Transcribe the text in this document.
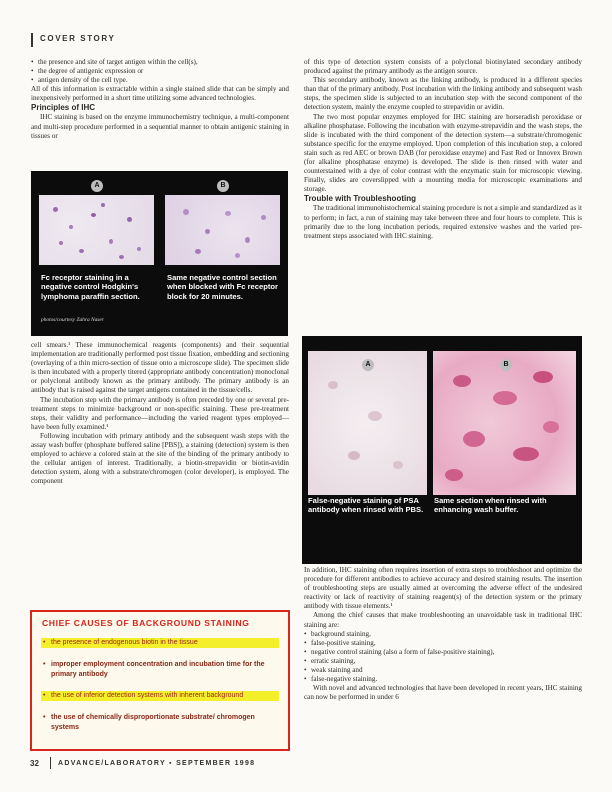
COVER STORY
• the presence and site of target antigen within the cell(s),
• the degree of antigenic expression or
• antigen density of the cell type.

All of this information is extractable within a single stained slide that can be simply and inexpensively performed in a short time utilizing some advanced technologies.

Principles of IHC

IHC staining is based on the enzyme immunochemistry technique, a multi-component and multi-step procedure performed in a sequential manner to obtain antigenic staining in tissues or

A	B
Fc receptor staining in a negative control Hodgkin's lymphoma paraffin section.
Same negative control section when blocked with Fc receptor block for 20 minutes.
photos/courtesy Zahra Naser

cell smears.¹ These immunochemical reagents (components) and their sequential implementation are traditionally performed post tissue fixation, embedding and sectioning (overlaying of a thin micro-section of tissue onto a microscope slide). The specimen slide is then incubated with a properly titered (appropriate antibody concentration) monoclonal or polyclonal antibody known as the primary antibody. The primary antibody is an antibody that is raised against the target antigens contained in the tissue/cells.

The incubation step with the primary antibody is often preceded by one or several pre-treatment steps to minimize background or non-specific staining. These pre-treatment steps, their validity and performance—including the varied reagent types employed—have been fully examined.¹

Following incubation with primary antibody and the subsequent wash steps with the assay wash buffer (phosphate buffered saline [PBS]), a staining (detection) system is then employed to achieve a colored stain at the site of the binding of the primary antibody to the cellular antigen of interest. Traditionally, a biotin-strepavidin or biotin-avidin detection system, along with a substrate/chromogen (color developer), is employed. The component

CHIEF CAUSES OF BACKGROUND STAINING
• the presence of endogenous biotin in the tissue
• improper employment concentration and incubation time for the primary antibody
• the use of inferior detection systems with inherent background
• the use of chemically disproportionate substrate/ chromogen systems

of this type of detection system consists of a polyclonal biotinylated secondary antibody produced against the primary antibody as the antigen source.

This secondary antibody, known as the linking antibody, is produced in a different species than that of the primary antibody. Post incubation with the linking antibody and subsequent wash steps, the specimen slide is subjected to an incubation step with the second component of the detection system, mainly the enzyme coupled to strepavidin or avidin.

The two most popular enzymes employed for IHC staining are horseradish peroxidase or alkaline phosphatase. Following the incubation with enzyme-strepavidin and the wash steps, the slide is incubated with the third component of the detection system—a substrate/chromogenic substance specific for the enzyme employed. Upon completion of this incubation step, a colored stain such as red AEC or brown DAB (for peroxidase enzyme) and Fast Red or Innovex Brown (for alkaline phosphatase enzyme) is developed. The slide is then rinsed with water and counterstained with a dye of color contrast with the enzymatic stain for microscopic viewing. Finally, slides are coverslipped with a mounting media for microscopic examinations and storage.

Trouble with Troubleshooting

The traditional immunohistochemical staining procedure is not a simple and standardized as it to perform; in fact, a run of staining may take between three and four hours to complete. This is primarily due to the long incubation periods, required extensive washes and the varied pre-treatment steps associated with IHC staining.

A	B
False-negative staining of PSA antibody when rinsed with PBS.
Same section when rinsed with enhancing wash buffer.

In addition, IHC staining often requires insertion of extra steps to troubleshoot and optimize the procedure for different antibodies to achieve accuracy and desired staining results. The insertion of troubleshooting steps are usually aimed at overcoming the adverse effect of the undesired reactivity or lack of reactivity of staining reagent(s) of the detection system or the primary antibody with tissue elements.¹

Among the chief causes that make troubleshooting an unavoidable task in traditional IHC staining are:

• background staining,
• false-positive staining,
• negative control staining (also a form of false-positive staining),
• erratic staining,
• weak staining and
• false-negative staining.

With novel and advanced technologies that have been developed in recent years, IHC staining can now be performed in under 6

32	ADVANCE/LABORATORY ▪ SEPTEMBER 1998
